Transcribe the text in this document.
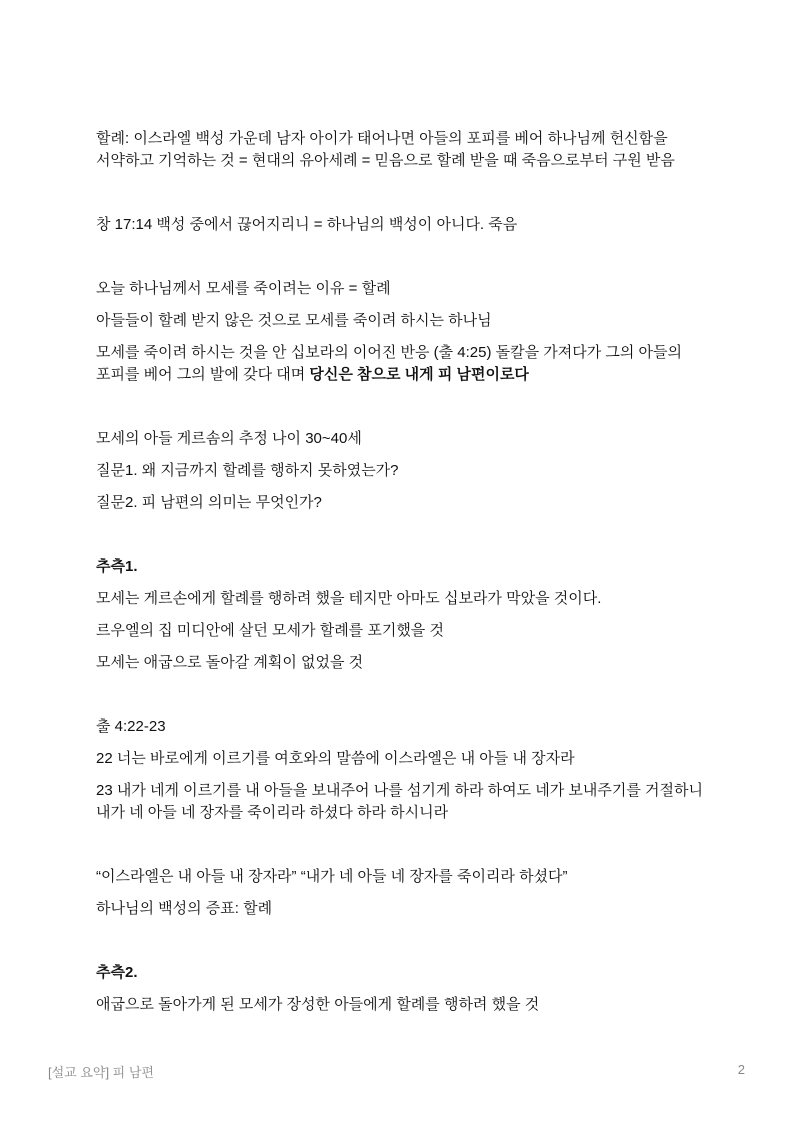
할례: 이스라엘 백성 가운데 남자 아이가 태어나면 아들의 포피를 베어 하나님께 헌신함을 서약하고 기억하는 것 = 현대의 유아세례 = 믿음으로 할례 받을 때 죽음으로부터 구원 받음

창 17:14 백성 중에서 끊어지리니 = 하나님의 백성이 아니다. 죽음

오늘 하나님께서 모세를 죽이려는 이유 = 할례

아들들이 할례 받지 않은 것으로 모세를 죽이려 하시는 하나님

모세를 죽이려 하시는 것을 안 십보라의 이어진 반응 (출 4:25) 돌칼을 가져다가 그의 아들의 포피를 베어 그의 발에 갖다 대며 당신은 참으로 내게 피 남편이로다

모세의 아들 게르솜의 추정 나이 30~40세

질문1. 왜 지금까지 할례를 행하지 못하였는가?

질문2. 피 남편의 의미는 무엇인가?

추측1.

모세는 게르손에게 할례를 행하려 했을 테지만 아마도 십보라가 막았을 것이다.

르우엘의 집 미디안에 살던 모세가 할례를 포기했을 것

모세는 애굽으로 돌아갈 계획이 없었을 것

출 4:22-23

22 너는 바로에게 이르기를 여호와의 말씀에 이스라엘은 내 아들 내 장자라

23 내가 네게 이르기를 내 아들을 보내주어 나를 섬기게 하라 하여도 네가 보내주기를 거절하니 내가 네 아들 네 장자를 죽이리라 하셨다 하라 하시니라

“이스라엘은 내 아들 내 장자라” “내가 네 아들 네 장자를 죽이리라 하셨다”

하나님의 백성의 증표: 할례

추측2.

애굽으로 돌아가게 된 모세가 장성한 아들에게 할례를 행하려 했을 것

[설교 요약] 피 남편	2
